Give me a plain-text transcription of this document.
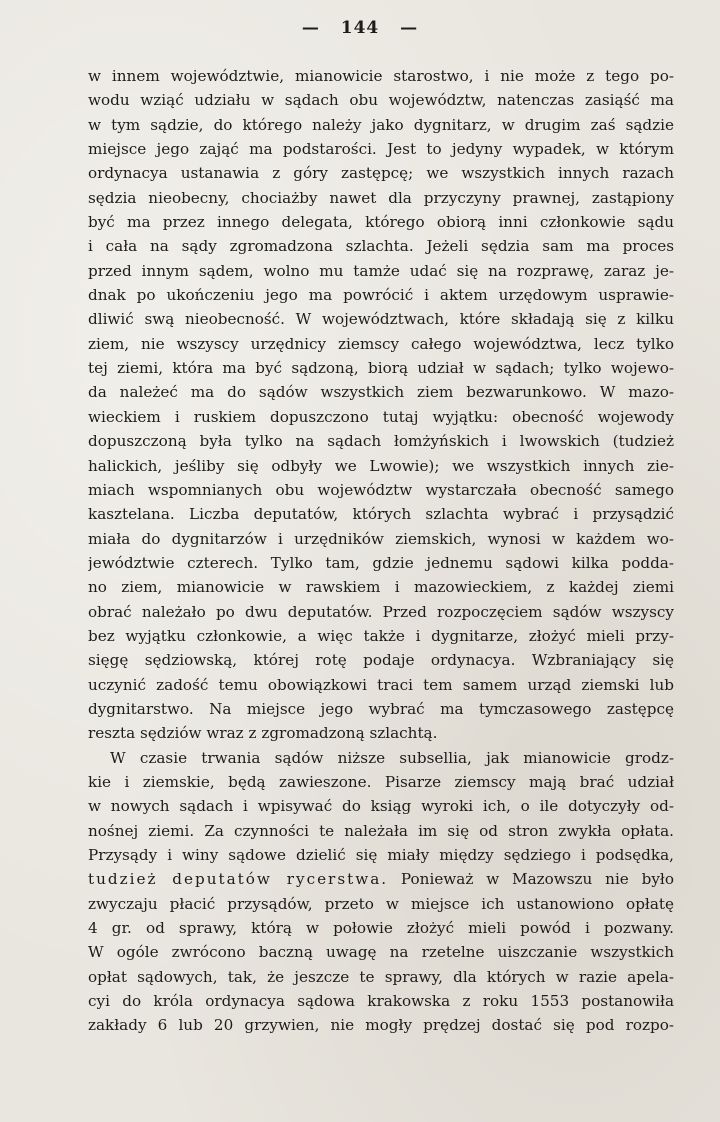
— 144 —
w innem województwie, mianowicie starostwo, i nie może z tego po-
wodu wziąć udziału w sądach obu województw, natenczas zasiąść ma
w tym sądzie, do którego należy jako dygnitarz, w drugim zaś sądzie
miejsce jego zająć ma podstarości. Jest to jedyny wypadek, w którym
ordynacya ustanawia z góry zastępcę; we wszystkich innych razach
sędzia nieobecny, chociażby nawet dla przyczyny prawnej, zastąpiony
być ma przez innego delegata, którego obiorą inni członkowie sądu
i cała na sądy zgromadzona szlachta. Jeżeli sędzia sam ma proces
przed innym sądem, wolno mu tamże udać się na rozprawę, zaraz je-
dnak po ukończeniu jego ma powrócić i aktem urzędowym usprawie-
dliwić swą nieobecność. W województwach, które składają się z kilku
ziem, nie wszyscy urzędnicy ziemscy całego województwa, lecz tylko
tej ziemi, która ma być sądzoną, biorą udział w sądach; tylko wojewo-
da należeć ma do sądów wszystkich ziem bezwarunkowo. W mazo-
wieckiem i ruskiem dopuszczono tutaj wyjątku: obecność wojewody
dopuszczoną była tylko na sądach łomżyńskich i lwowskich (tudzież
halickich, jeśliby się odbyły we Lwowie); we wszystkich innych zie-
miach wspomnianych obu województw wystarczała obecność samego
kasztelana. Liczba deputatów, których szlachta wybrać i przysądzić
miała do dygnitarzów i urzędników ziemskich, wynosi w każdem wo-
jewództwie czterech. Tylko tam, gdzie jednemu sądowi kilka podda-
no ziem, mianowicie w rawskiem i mazowieckiem, z każdej ziemi
obrać należało po dwu deputatów. Przed rozpoczęciem sądów wszyscy
bez wyjątku członkowie, a więc także i dygnitarze, złożyć mieli przy-
sięgę sędziowską, której rotę podaje ordynacya. Wzbraniający się
uczynić zadość temu obowiązkowi traci tem samem urząd ziemski lub
dygnitarstwo. Na miejsce jego wybrać ma tymczasowego zastępcę
reszta sędziów wraz z zgromadzoną szlachtą.
W czasie trwania sądów niższe subsellia, jak mianowicie grodz-
kie i ziemskie, będą zawieszone. Pisarze ziemscy mają brać udział
w nowych sądach i wpisywać do ksiąg wyroki ich, o ile dotyczyły od-
nośnej ziemi. Za czynności te należała im się od stron zwykła opłata.
Przysądy i winy sądowe dzielić się miały między sędziego i podsędka,
tudzież deputatów rycerstwa. Ponieważ w Mazowszu nie było
zwyczaju płacić przysądów, przeto w miejsce ich ustanowiono opłatę
4 gr. od sprawy, którą w połowie złożyć mieli powód i pozwany.
W ogóle zwrócono baczną uwagę na rzetelne uiszczanie wszystkich
opłat sądowych, tak, że jeszcze te sprawy, dla których w razie apela-
cyi do króla ordynacya sądowa krakowska z roku 1553 postanowiła
zakłady 6 lub 20 grzywien, nie mogły prędzej dostać się pod rozpo-
